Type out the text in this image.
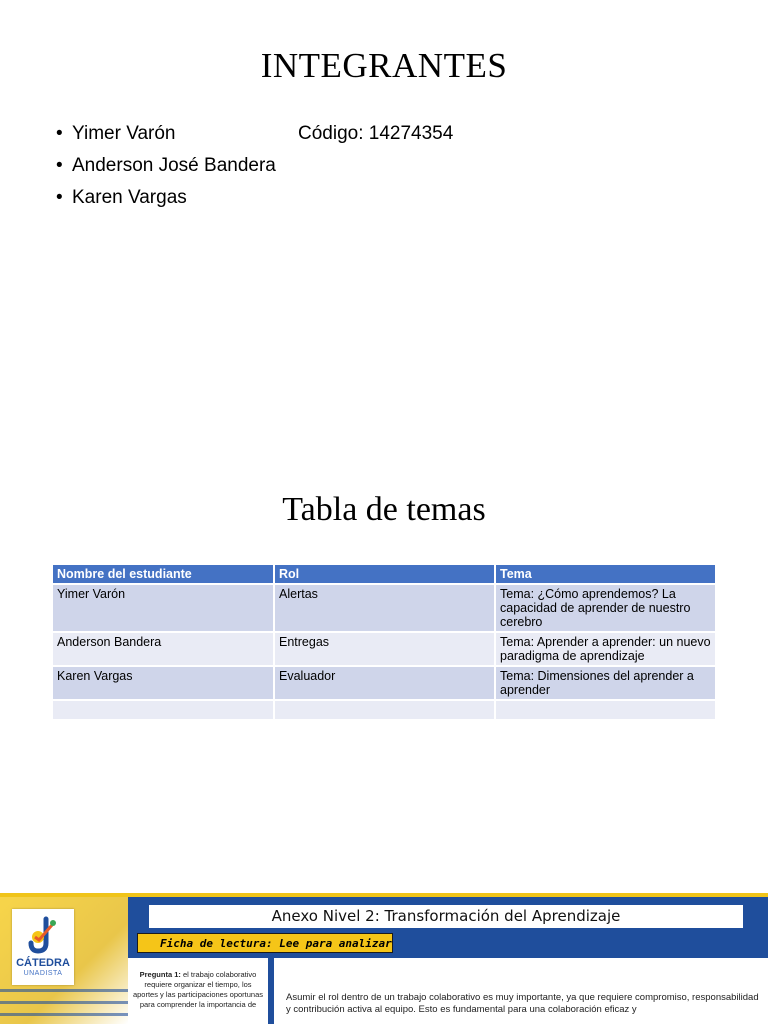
INTEGRANTES
• Yimer Varón	Código: 14274354
• Anderson José Bandera
• Karen Vargas
Tabla de temas
Nombre del estudiante	Rol	Tema
Yimer Varón	Alertas	Tema: ¿Cómo aprendemos? La capacidad de aprender de nuestro cerebro
Anderson Bandera	Entregas	Tema: Aprender a aprender: un nuevo paradigma de aprendizaje
Karen Vargas	Evaluador	Tema: Dimensiones del aprender a aprender

CÁTEDRA
UNADISTA
Anexo Nivel 2: Transformación del Aprendizaje
Ficha de lectura: Lee para analizar
Pregunta 1: el trabajo colaborativo requiere organizar el tiempo, los aportes y las participaciones oportunas para comprender la importancia de
Asumir el rol dentro de un trabajo colaborativo es muy importante, ya que requiere compromiso, responsabilidad y contribución activa al equipo. Esto es fundamental para una colaboración eficaz y
